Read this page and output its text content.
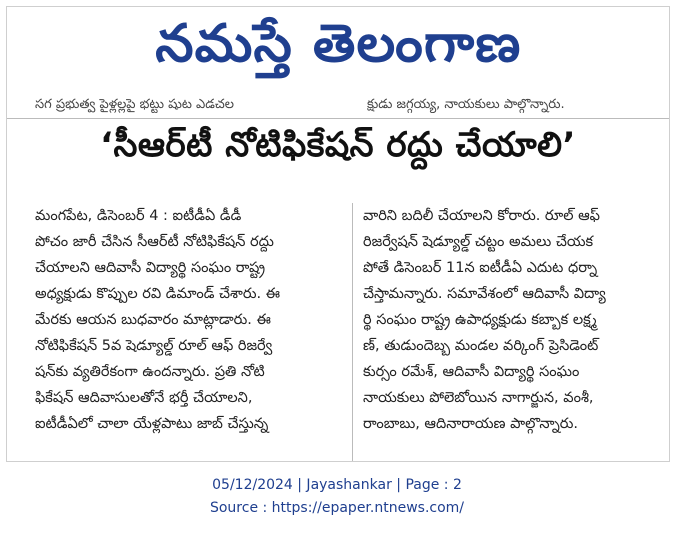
నమస్తే తెలంగాణ
సగ ప్రభుత్వ పైళ్లల్లపై భట్టు షుట ఎడచల	క్షుడు జగ్గయ్య, నాయకులు పాల్గొన్నారు.
‘సీఆర్‌టీ నోటిఫికేషన్ రద్దు చేయాలి’
మంగపేట, డిసెంబర్ 4 : ఐటీడీఏ డీడీ
పోచం జారీ చేసిన సీఆర్‌టీ నోటిఫికేషన్ రద్దు
చేయాలని ఆదివాసీ విద్యార్థి సంఘం రాష్ట్ర
అధ్యక్షుడు కొప్పుల రవి డిమాండ్ చేశారు. ఈ
మేరకు ఆయన బుధవారం మాట్లాడారు. ఈ
నోటిఫికేషన్ 5వ షెడ్యూల్డ్ రూల్ ఆఫ్ రిజర్వే
షన్‌కు వ్యతిరేకంగా ఉందన్నారు. ప్రతి నోటి
ఫికేషన్ ఆదివాసులతోనే భర్తీ చేయాలని,
ఐటీడీఏలో చాలా యేళ్లపాటు జాబ్ చేస్తున్న
వారిని బదిలీ చేయాలని కోరారు. రూల్ ఆఫ్
రిజర్వేషన్ షెడ్యూల్డ్ చట్టం అమలు చేయక
పోతే డిసెంబర్ 11న ఐటీడీఏ ఎదుట ధర్నా
చేస్తామన్నారు. సమావేశంలో ఆదివాసీ విద్యా
ర్థి సంఘం రాష్ట్ర ఉపాధ్యక్షుడు కబ్బాక లక్ష్మ
ణ్, తుడుందెబ్బ మండల వర్కింగ్ ప్రెసిడెంట్
కుర్సం రమేశ్, ఆదివాసీ విద్యార్థి సంఘం
నాయకులు పోలెబోయిన నాగార్జున, వంశీ,
రాంబాబు, ఆదినారాయణ పాల్గొన్నారు.
05/12/2024 | Jayashankar | Page : 2
Source : https://epaper.ntnews.com/
